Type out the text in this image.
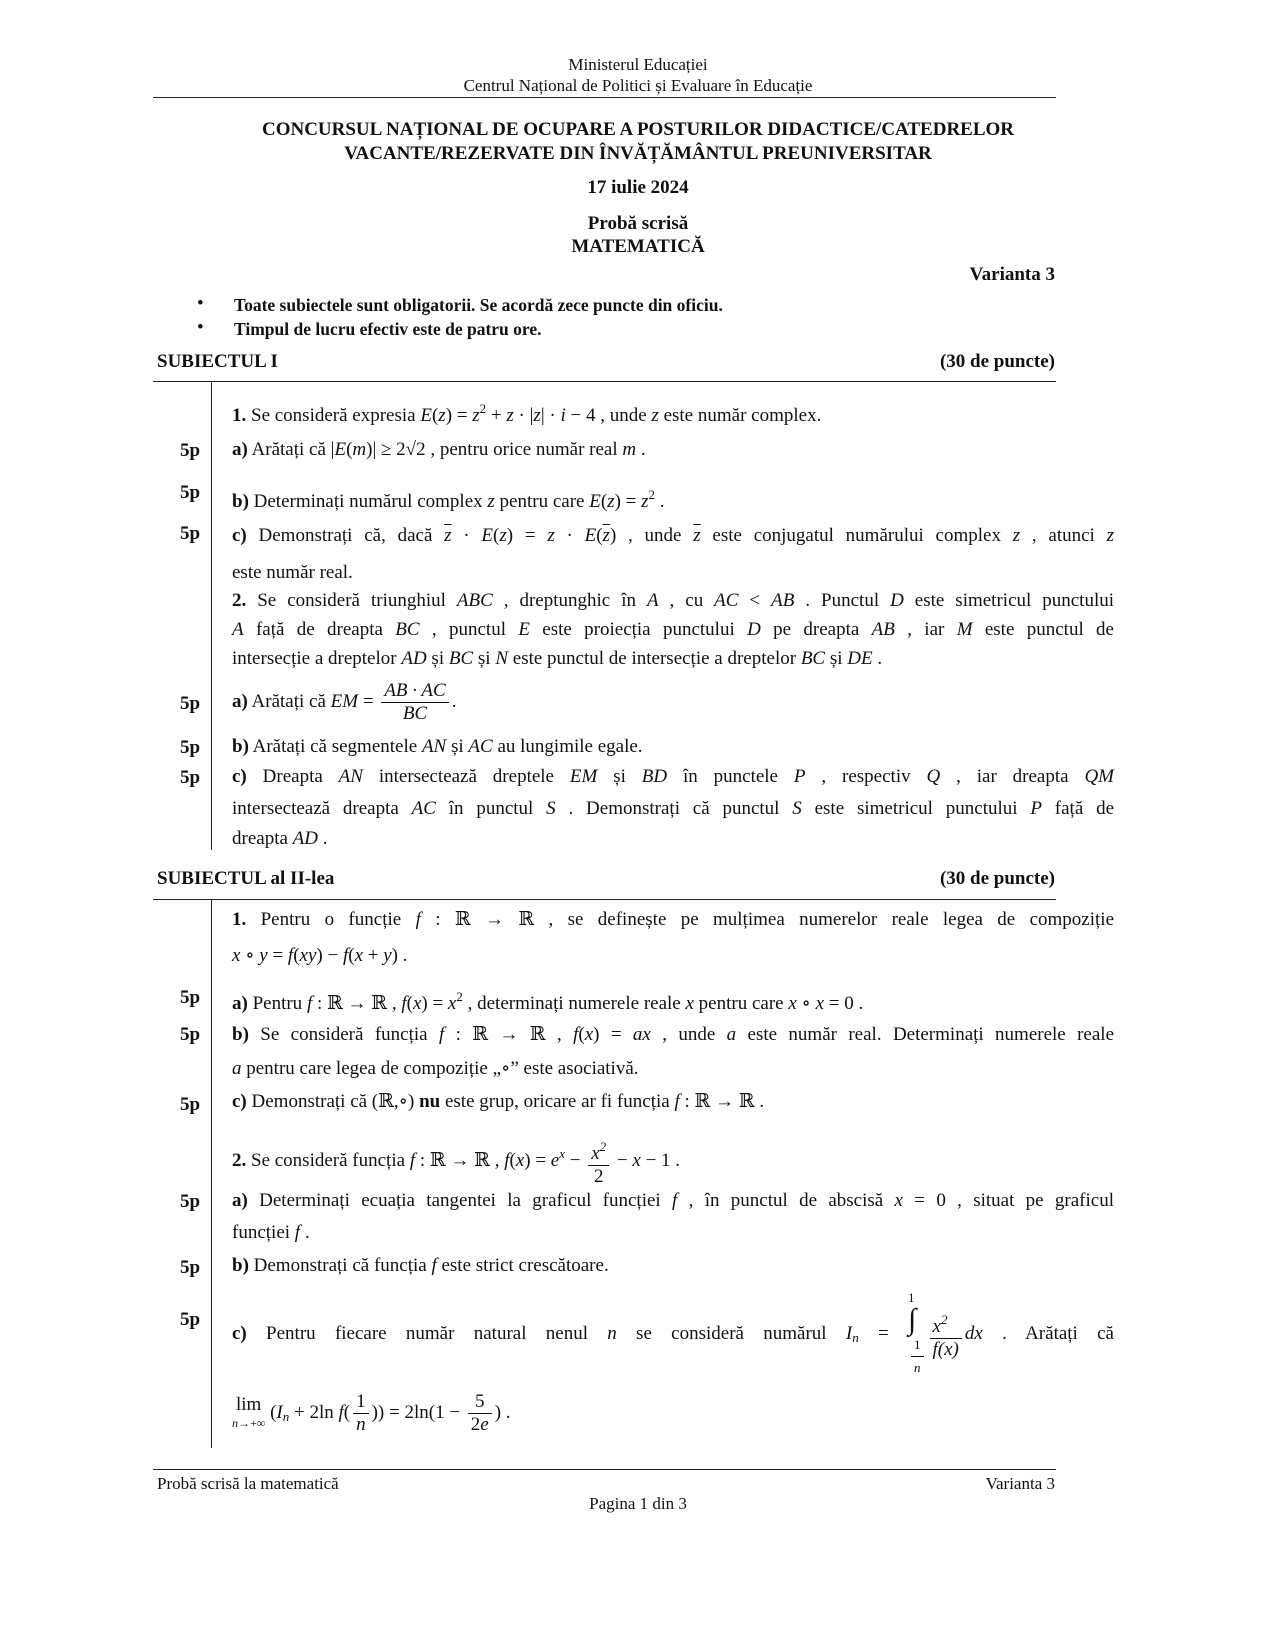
Ministerul Educației
Centrul Național de Politici și Evaluare în Educație
CONCURSUL NAȚIONAL DE OCUPARE A POSTURILOR DIDACTICE/CATEDRELOR
VACANTE/REZERVATE DIN ÎNVĂȚĂMÂNTUL PREUNIVERSITAR
17 iulie 2024
Probă scrisă
MATEMATICĂ
Varianta 3
• Toate subiectele sunt obligatorii. Se acordă zece puncte din oficiu.
• Timpul de lucru efectiv este de patru ore.
SUBIECTUL I	(30 de puncte)
1. Se consideră expresia $E(z) = z^2 + z \cdot |z| \cdot i - 4$ , unde z este număr complex.
5p a) Arătați că |E(m)| ≥ 2√2 , pentru orice număr real m .
5p b) Determinați numărul complex z pentru care $E(z) = z^2$ .
5p c) Demonstrați că, dacă $\overline{z} \cdot E(z) = z \cdot E(\overline{z})$ , unde $\overline{z}$ este conjugatul numărului complex z , atunci z
este număr real.
2. Se consideră triunghiul ABC , dreptunghic în A , cu AC < AB . Punctul D este simetricul punctului
A față de dreapta BC , punctul E este proiecția punctului D pe dreapta AB , iar M este punctul de
intersecție a dreptelor AD și BC și N este punctul de intersecție a dreptelor BC și DE .
5p a) Arătați că EM = $\frac{AB \cdot AC}{BC}$ .
5p b) Arătați că segmentele AN și AC au lungimile egale.
5p c) Dreapta AN intersectează dreptele EM și BD în punctele P , respectiv Q , iar dreapta QM
intersectează dreapta AC în punctul S . Demonstrați că punctul S este simetricul punctului P față de
dreapta AD .
SUBIECTUL al II-lea	(30 de puncte)
1. Pentru o funcție f : ℝ → ℝ , se definește pe mulțimea numerelor reale legea de compoziție
x ∘ y = f(xy) − f(x + y) .
5p a) Pentru f : ℝ → ℝ , $f(x) = x^2$ , determinați numerele reale x pentru care x ∘ x = 0 .
5p b) Se consideră funcția f : ℝ → ℝ , f(x) = ax , unde a este număr real. Determinați numerele reale
a pentru care legea de compoziție „∘” este asociativă.
5p c) Demonstrați că (ℝ,∘) nu este grup, oricare ar fi funcția f : ℝ → ℝ .
2. Se consideră funcția f : ℝ → ℝ , $f(x) = e^x - \frac{x^2}{2} - x - 1$ .
5p a) Determinați ecuația tangentei la graficul funcției f , în punctul de abscisă x = 0 , situat pe graficul
funcției f .
5p b) Demonstrați că funcția f este strict crescătoare.
5p
c) Pentru fiecare număr natural nenul n se consideră numărul $I_n$ =
1
∫
1
n
$\frac{x^2}{f(x)}$ dx . Arătați că
lim
n→+∞ ($I_n + 2\ln$ $f( \frac{1}{n}$ )) = $2\ln(1 - \frac{5}{2e}$ ) .
Probă scrisă la matematică	Varianta 3
Pagina 1 din 3
